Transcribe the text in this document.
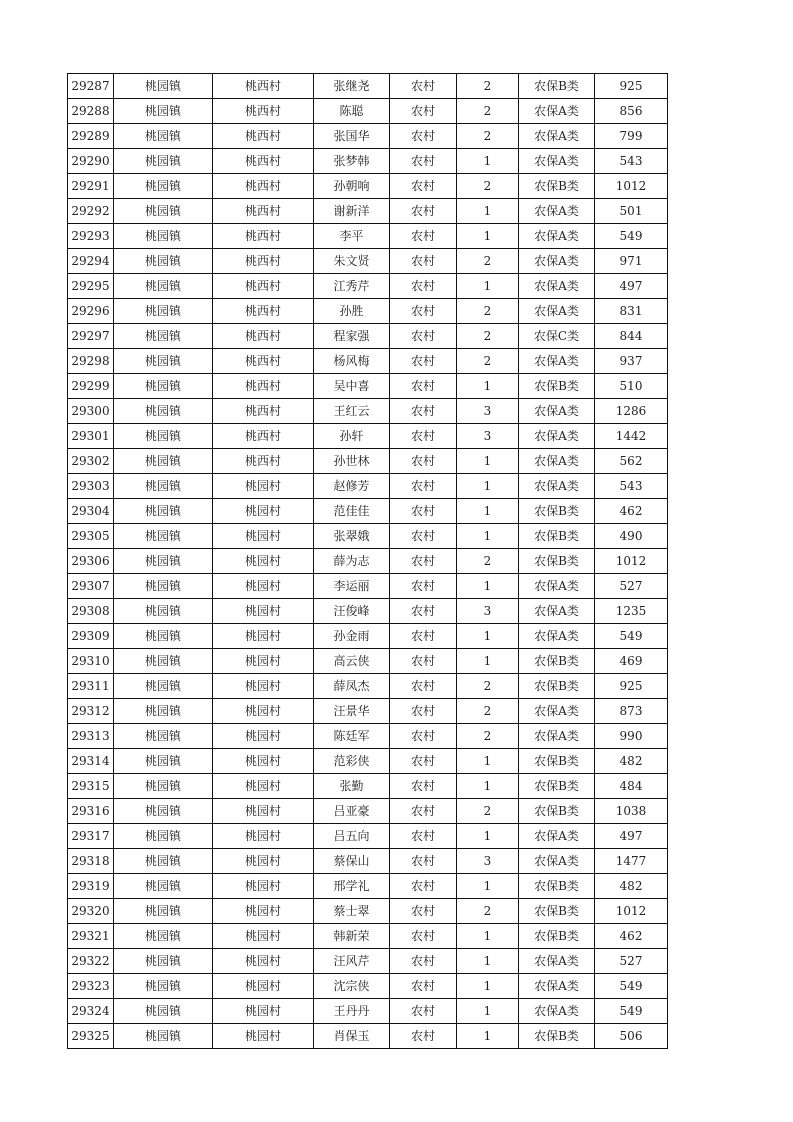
29287	桃园镇	桃西村	张继尧	农村	2	农保B类	925
29288	桃园镇	桃西村	陈聪	农村	2	农保A类	856
29289	桃园镇	桃西村	张国华	农村	2	农保A类	799
29290	桃园镇	桃西村	张梦韩	农村	1	农保A类	543
29291	桃园镇	桃西村	孙朝响	农村	2	农保B类	1012
29292	桃园镇	桃西村	谢新洋	农村	1	农保A类	501
29293	桃园镇	桃西村	李平	农村	1	农保A类	549
29294	桃园镇	桃西村	朱文贤	农村	2	农保A类	971
29295	桃园镇	桃西村	江秀芹	农村	1	农保A类	497
29296	桃园镇	桃西村	孙胜	农村	2	农保A类	831
29297	桃园镇	桃西村	程家强	农村	2	农保C类	844
29298	桃园镇	桃西村	杨风梅	农村	2	农保A类	937
29299	桃园镇	桃西村	吴中喜	农村	1	农保B类	510
29300	桃园镇	桃西村	王红云	农村	3	农保A类	1286
29301	桃园镇	桃西村	孙轩	农村	3	农保A类	1442
29302	桃园镇	桃西村	孙世林	农村	1	农保A类	562
29303	桃园镇	桃园村	赵修芳	农村	1	农保A类	543
29304	桃园镇	桃园村	范佳佳	农村	1	农保B类	462
29305	桃园镇	桃园村	张翠娥	农村	1	农保B类	490
29306	桃园镇	桃园村	薛为志	农村	2	农保B类	1012
29307	桃园镇	桃园村	李运丽	农村	1	农保A类	527
29308	桃园镇	桃园村	汪俊峰	农村	3	农保A类	1235
29309	桃园镇	桃园村	孙金雨	农村	1	农保A类	549
29310	桃园镇	桃园村	高云侠	农村	1	农保B类	469
29311	桃园镇	桃园村	薛凤杰	农村	2	农保B类	925
29312	桃园镇	桃园村	汪景华	农村	2	农保A类	873
29313	桃园镇	桃园村	陈廷军	农村	2	农保A类	990
29314	桃园镇	桃园村	范彩侠	农村	1	农保B类	482
29315	桃园镇	桃园村	张勤	农村	1	农保B类	484
29316	桃园镇	桃园村	吕亚豪	农村	2	农保B类	1038
29317	桃园镇	桃园村	吕五向	农村	1	农保A类	497
29318	桃园镇	桃园村	蔡保山	农村	3	农保A类	1477
29319	桃园镇	桃园村	邢学礼	农村	1	农保B类	482
29320	桃园镇	桃园村	蔡士翠	农村	2	农保B类	1012
29321	桃园镇	桃园村	韩新荣	农村	1	农保B类	462
29322	桃园镇	桃园村	汪风芹	农村	1	农保A类	527
29323	桃园镇	桃园村	沈宗侠	农村	1	农保A类	549
29324	桃园镇	桃园村	王丹丹	农村	1	农保A类	549
29325	桃园镇	桃园村	肖保玉	农村	1	农保B类	506
